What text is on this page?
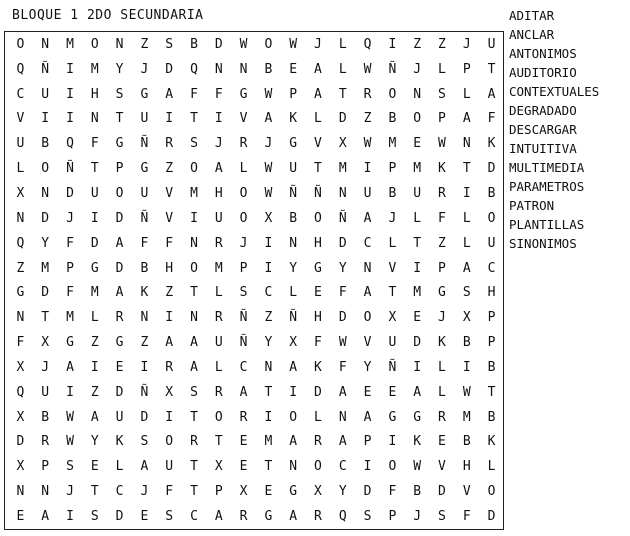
BLOQUE 1 2DO SECUNDARIA
O	N	M	O	N	Z	S	B	D	W	O	W	J	L	Q	I	Z	Z	J	U
Q	Ñ	I	M	Y	J	D	Q	N	N	B	E	A	L	W	Ñ	J	L	P	T
C	U	I	H	S	G	A	F	F	G	W	P	A	T	R	O	N	S	L	A
V	I	I	N	T	U	I	T	I	V	A	K	L	D	Z	B	O	P	A	F
U	B	Q	F	G	Ñ	R	S	J	R	J	G	V	X	W	M	E	W	N	K
L	O	Ñ	T	P	G	Z	O	A	L	W	U	T	M	I	P	M	K	T	D
X	N	D	U	O	U	V	M	H	O	W	Ñ	Ñ	N	U	B	U	R	I	B
N	D	J	I	D	Ñ	V	I	U	O	X	B	O	Ñ	A	J	L	F	L	O
Q	Y	F	D	A	F	F	N	R	J	I	N	H	D	C	L	T	Z	L	U
Z	M	P	G	D	B	H	O	M	P	I	Y	G	Y	N	V	I	P	A	C
G	D	F	M	A	K	Z	T	L	S	C	L	E	F	A	T	M	G	S	H
N	T	M	L	R	N	I	N	R	Ñ	Z	Ñ	H	D	O	X	E	J	X	P
F	X	G	Z	G	Z	A	A	U	Ñ	Y	X	F	W	V	U	D	K	B	P
X	J	A	I	E	I	R	A	L	C	N	A	K	F	Y	Ñ	I	L	I	B
Q	U	I	Z	D	Ñ	X	S	R	A	T	I	D	A	E	E	A	L	W	T
X	B	W	A	U	D	I	T	O	R	I	O	L	N	A	G	G	R	M	B
D	R	W	Y	K	S	O	R	T	E	M	A	R	A	P	I	K	E	B	K
X	P	S	E	L	A	U	T	X	E	T	N	O	C	I	O	W	V	H	L
N	N	J	T	C	J	F	T	P	X	E	G	X	Y	D	F	B	D	V	O
E	A	I	S	D	E	S	C	A	R	G	A	R	Q	S	P	J	S	F	D
ADITAR
ANCLAR
ANTONIMOS
AUDITORIO
CONTEXTUALES
DEGRADADO
DESCARGAR
INTUITIVA
MULTIMEDIA
PARAMETROS
PATRON
PLANTILLAS
SINONIMOS
